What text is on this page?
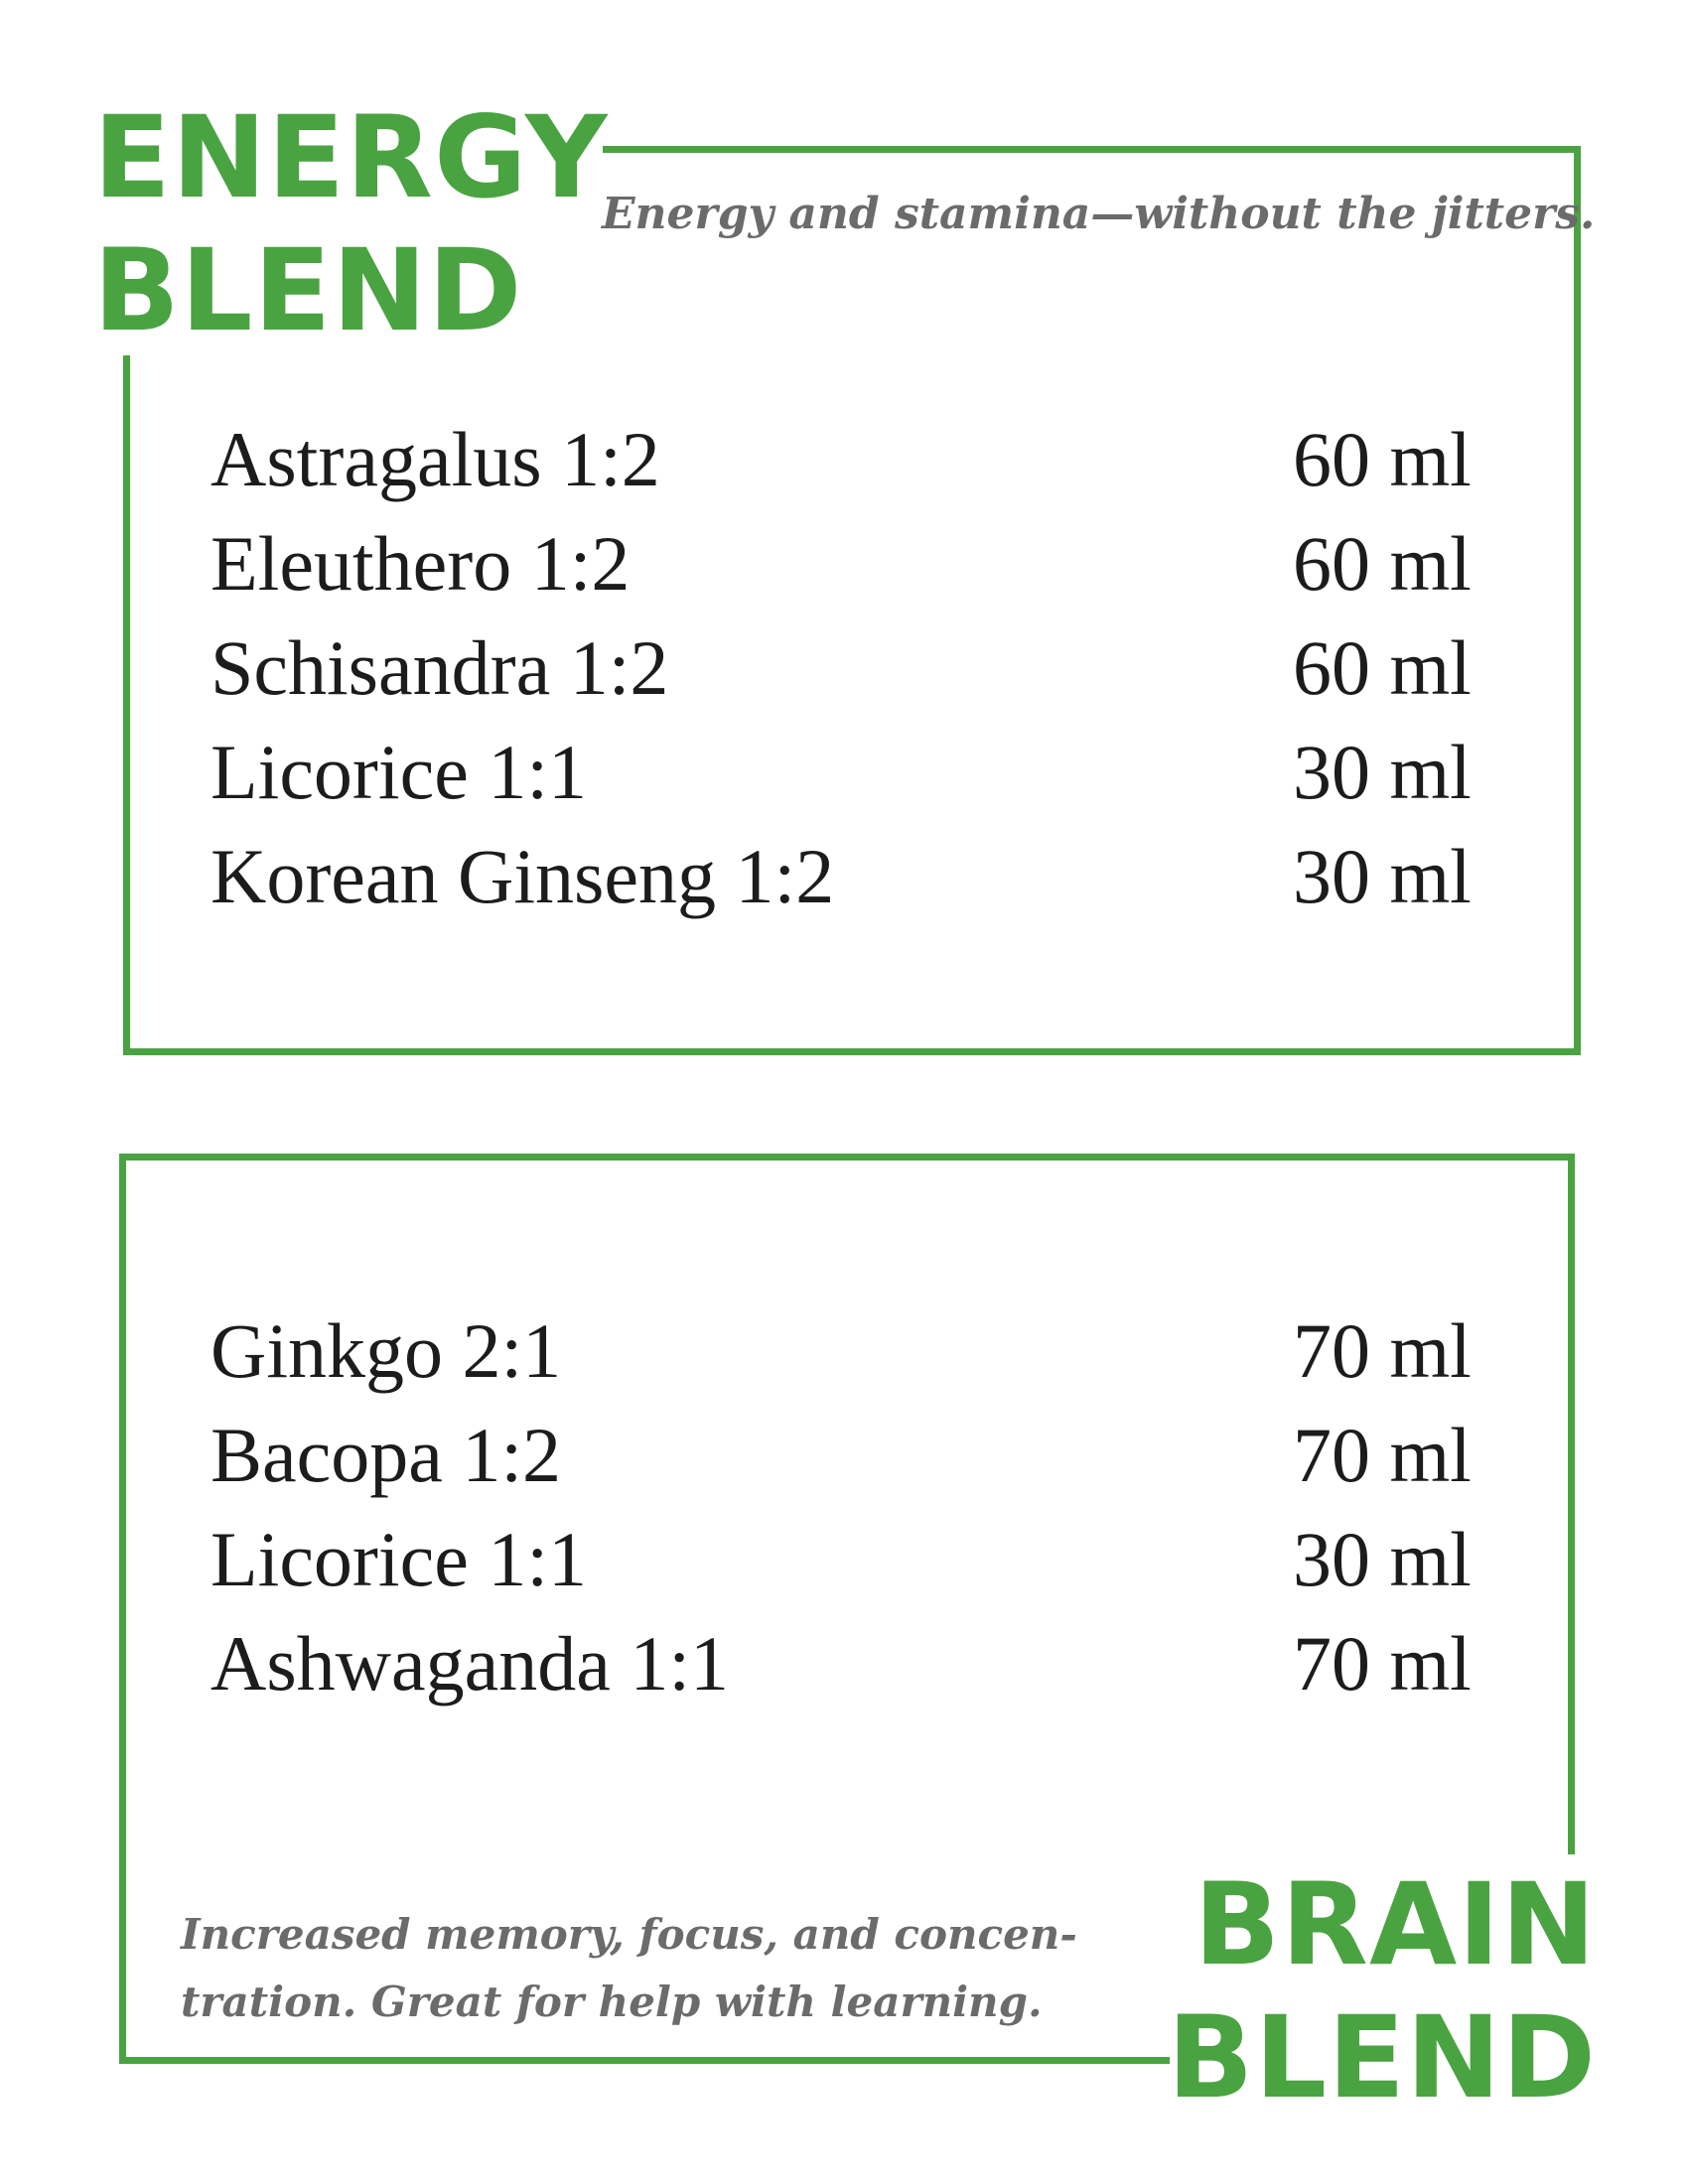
ENERGY
BLEND

Energy and stamina—without the jitters.

Astragalus 1:2	60 ml
Eleuthero 1:2	60 ml
Schisandra 1:2	60 ml
Licorice 1:1	30 ml
Korean Ginseng 1:2	30 ml
Ginkgo 2:1	70 ml
Bacopa 1:2	70 ml
Licorice 1:1	30 ml
Ashwaganda 1:1	70 ml

Increased memory, focus, and concen-
tration. Great for help with learning.

BRAIN
BLEND
